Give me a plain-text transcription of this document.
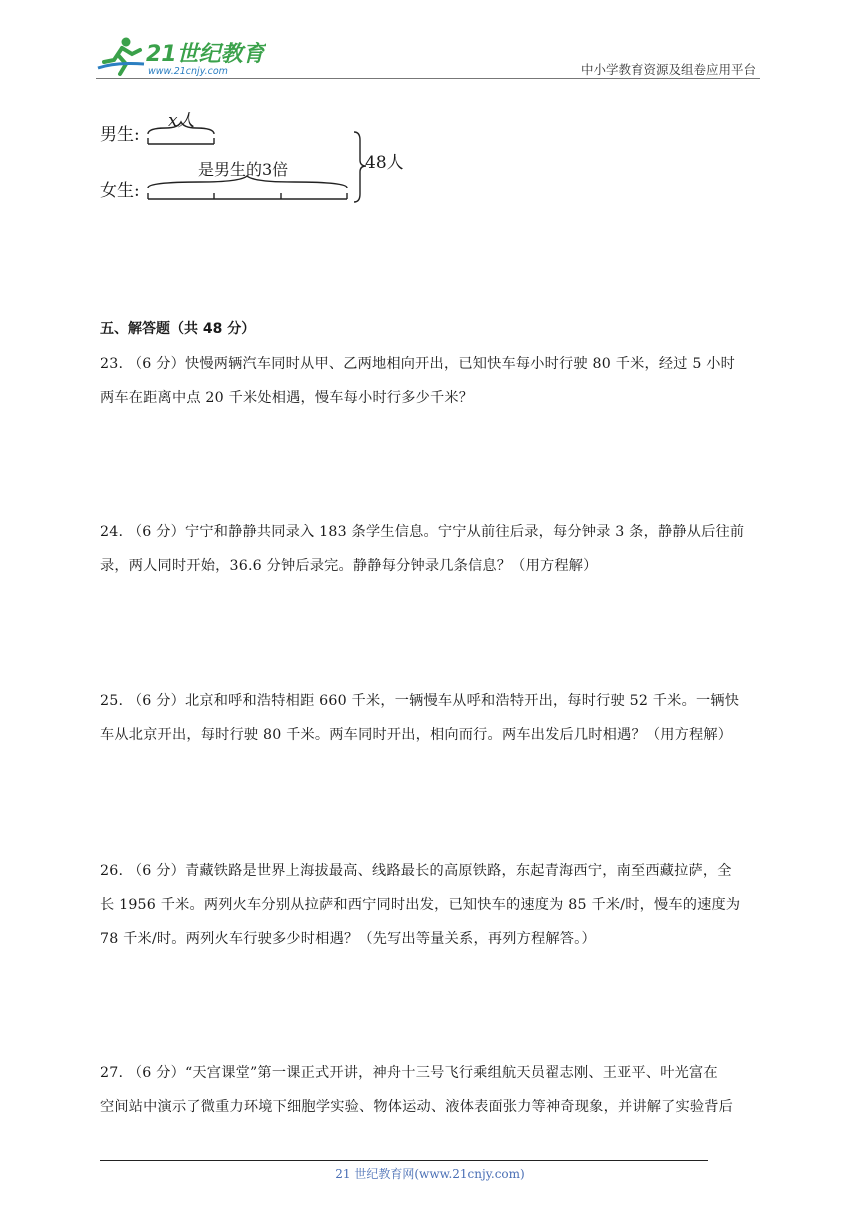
21世纪教育
www.21cnjy.com	中小学教育资源及组卷应用平台
男生:
女生:
x人
是男生的3倍	48人
五、解答题（共 48 分）
23. （6 分）快慢两辆汽车同时从甲、乙两地相向开出，已知快车每小时行驶 80 千米，经过 5 小时
两车在距离中点 20 千米处相遇，慢车每小时行多少千米？
24. （6 分）宁宁和静静共同录入 183 条学生信息。宁宁从前往后录，每分钟录 3 条，静静从后往前
录，两人同时开始，36.6 分钟后录完。静静每分钟录几条信息？（用方程解）
25. （6 分）北京和呼和浩特相距 660 千米，一辆慢车从呼和浩特开出，每时行驶 52 千米。一辆快
车从北京开出，每时行驶 80 千米。两车同时开出，相向而行。两车出发后几时相遇？（用方程解）
26. （6 分）青藏铁路是世界上海拔最高、线路最长的高原铁路，东起青海西宁，南至西藏拉萨，全
长 1956 千米。两列火车分别从拉萨和西宁同时出发，已知快车的速度为 85 千米/时，慢车的速度为
78 千米/时。两列火车行驶多少时相遇？（先写出等量关系，再列方程解答。）
27. （6 分）“天宫课堂”第一课正式开讲，神舟十三号飞行乘组航天员翟志刚、王亚平、叶光富在
空间站中演示了微重力环境下细胞学实验、物体运动、液体表面张力等神奇现象，并讲解了实验背后
21 世纪教育网(www.21cnjy.com)
